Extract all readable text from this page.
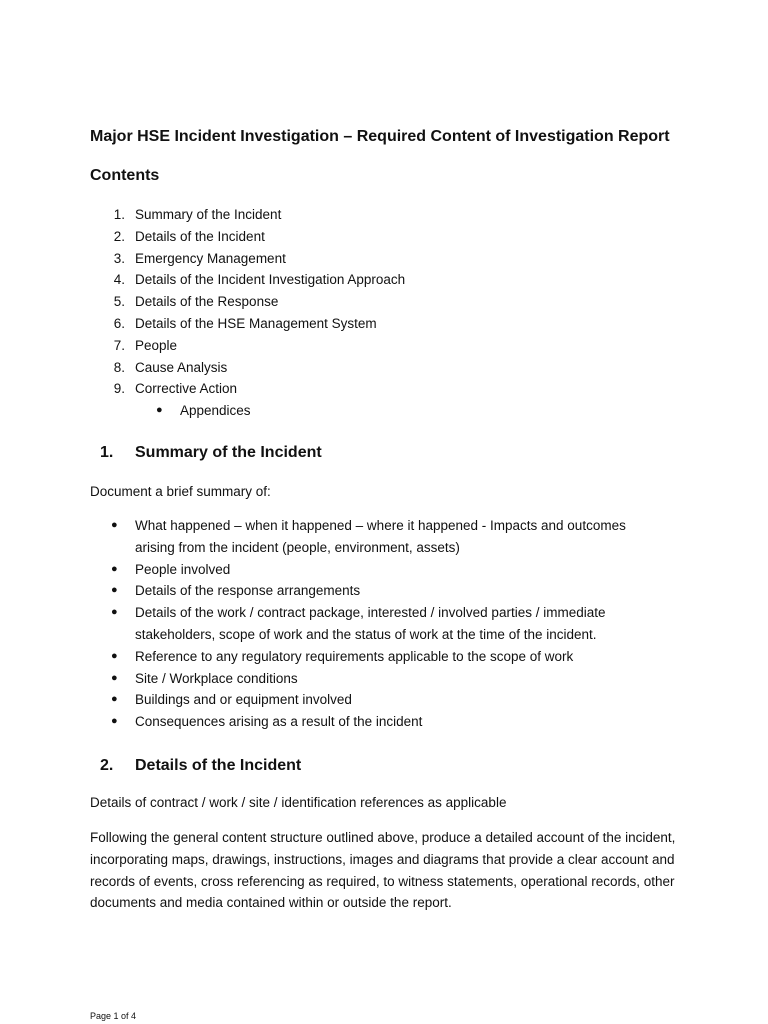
Major HSE Incident Investigation – Required Content of Investigation Report
Contents
1. Summary of the Incident
2. Details of the Incident
3. Emergency Management
4. Details of the Incident Investigation Approach
5. Details of the Response
6. Details of the HSE Management System
7. People
8. Cause Analysis
9. Corrective Action
● Appendices
1. Summary of the Incident

Document a brief summary of:

● What happened – when it happened – where it happened - Impacts and outcomes arising from the incident (people, environment, assets)
● People involved
● Details of the response arrangements
● Details of the work / contract package, interested / involved parties / immediate stakeholders, scope of work and the status of work at the time of the incident.
● Reference to any regulatory requirements applicable to the scope of work
● Site / Workplace conditions
● Buildings and or equipment involved
● Consequences arising as a result of the incident
2. Details of the Incident

Details of contract / work / site / identification references as applicable

Following the general content structure outlined above, produce a detailed account of the incident, incorporating maps, drawings, instructions, images and diagrams that provide a clear account and records of events, cross referencing as required, to witness statements, operational records, other documents and media contained within or outside the report.

Page 1 of 4
